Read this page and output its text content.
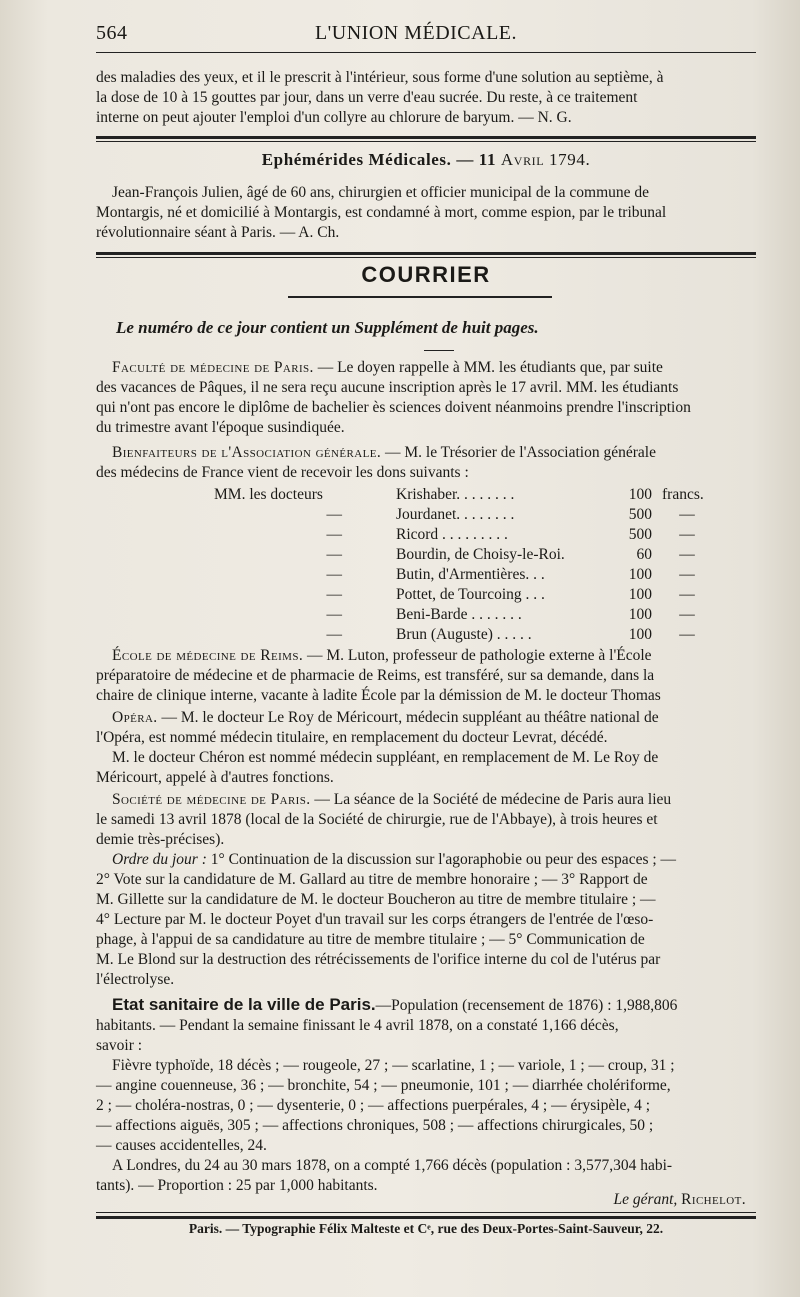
564	L'UNION MÉDICALE.
des maladies des yeux, et il le prescrit à l'intérieur, sous forme d'une solution au septième, à
la dose de 10 à 15 gouttes par jour, dans un verre d'eau sucrée. Du reste, à ce traitement
interne on peut ajouter l'emploi d'un collyre au chlorure de baryum. — N. G.
Ephémérides Médicales. — 11 Avril 1794.
Jean-François Julien, âgé de 60 ans, chirurgien et officier municipal de la commune de
Montargis, né et domicilié à Montargis, est condamné à mort, comme espion, par le tribunal
révolutionnaire séant à Paris. — A. Ch.
COURRIER
Le numéro de ce jour contient un Supplément de huit pages.
Faculté de médecine de Paris. — Le doyen rappelle à MM. les étudiants que, par suite
des vacances de Pâques, il ne sera reçu aucune inscription après le 17 avril. MM. les étudiants
qui n'ont pas encore le diplôme de bachelier ès sciences doivent néanmoins prendre l'inscription
du trimestre avant l'époque susindiquée.
Bienfaiteurs de l'Association générale. — M. le Trésorier de l'Association générale
des médecins de France vient de recevoir les dons suivants :
MM. les docteurs	Krishaber. . . . . . . .	100	francs.
—	Jourdanet. . . . . . . .	500	—
—	Ricord . . . . . . . . .	500	—
—	Bourdin, de Choisy-le-Roi.	60	—
—	Butin, d'Armentières. . .	100	—
—	Pottet, de Tourcoing . . .	100	—
—	Beni-Barde . . . . . . .	100	—
—	Brun (Auguste) . . . . .	100	—
École de médecine de Reims. — M. Luton, professeur de pathologie externe à l'École
préparatoire de médecine et de pharmacie de Reims, est transféré, sur sa demande, dans la
chaire de clinique interne, vacante à ladite École par la démission de M. le docteur Thomas
Opéra. — M. le docteur Le Roy de Méricourt, médecin suppléant au théâtre national de
l'Opéra, est nommé médecin titulaire, en remplacement du docteur Levrat, décédé.
M. le docteur Chéron est nommé médecin suppléant, en remplacement de M. Le Roy de
Méricourt, appelé à d'autres fonctions.
Société de médecine de Paris. — La séance de la Société de médecine de Paris aura lieu
le samedi 13 avril 1878 (local de la Société de chirurgie, rue de l'Abbaye), à trois heures et
demie très-précises).
Ordre du jour : 1° Continuation de la discussion sur l'agoraphobie ou peur des espaces ; —
2° Vote sur la candidature de M. Gallard au titre de membre honoraire ; — 3° Rapport de
M. Gillette sur la candidature de M. le docteur Boucheron au titre de membre titulaire ; —
4° Lecture par M. le docteur Poyet d'un travail sur les corps étrangers de l'entrée de l'œso-
phage, à l'appui de sa candidature au titre de membre titulaire ; — 5° Communication de
M. Le Blond sur la destruction des rétrécissements de l'orifice interne du col de l'utérus par
l'électrolyse.
Etat sanitaire de la ville de Paris.—Population (recensement de 1876) : 1,988,806
habitants. — Pendant la semaine finissant le 4 avril 1878, on a constaté 1,166 décès,
savoir :
Fièvre typhoïde, 18 décès ; — rougeole, 27 ; — scarlatine, 1 ; — variole, 1 ; — croup, 31 ;
— angine couenneuse, 36 ; — bronchite, 54 ; — pneumonie, 101 ; — diarrhée cholériforme,
2 ; — choléra-nostras, 0 ; — dysenterie, 0 ; — affections puerpérales, 4 ; — érysipèle, 4 ;
— affections aiguës, 305 ; — affections chroniques, 508 ; — affections chirurgicales, 50 ;
— causes accidentelles, 24.
A Londres, du 24 au 30 mars 1878, on a compté 1,766 décès (population : 3,577,304 habi-
tants). — Proportion : 25 par 1,000 habitants.
Le gérant, Richelot.
Paris. — Typographie Félix Malteste et Cᵉ, rue des Deux-Portes-Saint-Sauveur, 22.
